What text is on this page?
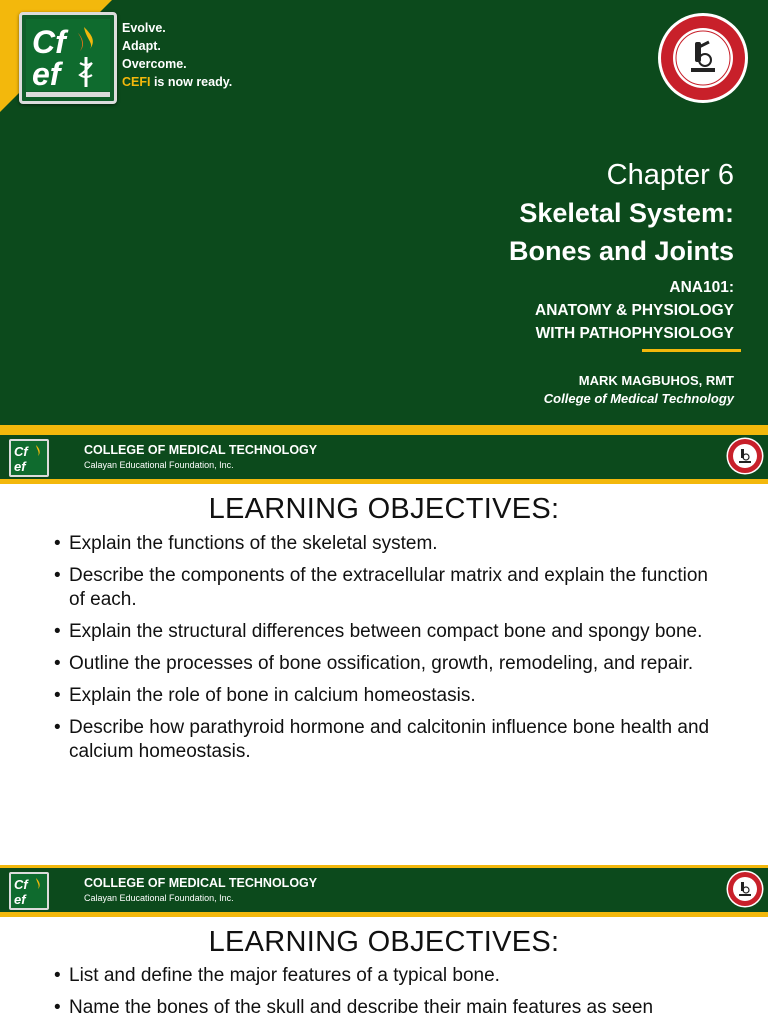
Cf
ef
Evolve.
Adapt.
Overcome.
CEFI is now ready.
Chapter 6
Skeletal System:
Bones and Joints
ANA101:
ANATOMY & PHYSIOLOGY
WITH PATHOPHYSIOLOGY
MARK MAGBUHOS, RMT
College of Medical Technology
Cf
ef
COLLEGE OF MEDICAL TECHNOLOGY
Calayan Educational Foundation, Inc.
LEARNING OBJECTIVES:
• Explain the functions of the skeletal system.
• Describe the components of the extracellular matrix and explain the function of each.
• Explain the structural differences between compact bone and spongy bone.
• Outline the processes of bone ossification, growth, remodeling, and repair.
• Explain the role of bone in calcium homeostasis.
• Describe how parathyroid hormone and calcitonin influence bone health and calcium homeostasis.
Cf
ef
COLLEGE OF MEDICAL TECHNOLOGY
Calayan Educational Foundation, Inc.
LEARNING OBJECTIVES:
• List and define the major features of a typical bone.
• Name the bones of the skull and describe their main features as seen
